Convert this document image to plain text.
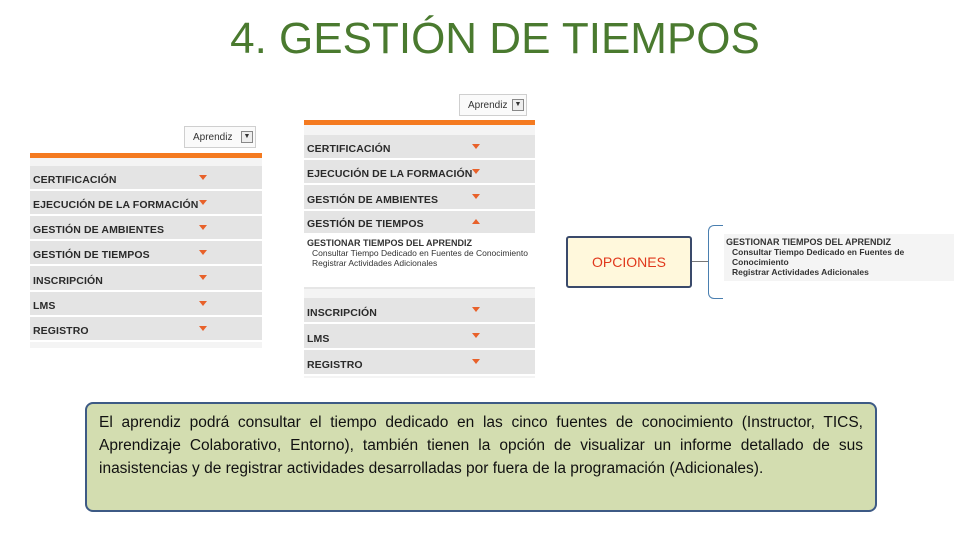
4. GESTIÓN DE TIEMPOS
Aprendiz	▼
CERTIFICACIÓN
EJECUCIÓN DE LA FORMACIÓN
GESTIÓN DE AMBIENTES
GESTIÓN DE TIEMPOS
INSCRIPCIÓN
LMS
REGISTRO
Aprendiz	▼
CERTIFICACIÓN
EJECUCIÓN DE LA FORMACIÓN
GESTIÓN DE AMBIENTES
GESTIÓN DE TIEMPOS
GESTIONAR TIEMPOS DEL APRENDIZ
Consultar Tiempo Dedicado en Fuentes de Conocimiento
Registrar Actividades Adicionales
INSCRIPCIÓN
LMS
REGISTRO
OPCIONES
GESTIONAR TIEMPOS DEL APRENDIZ
Consultar Tiempo Dedicado en Fuentes de Conocimiento
Registrar Actividades Adicionales
El aprendiz podrá consultar el tiempo dedicado en las cinco fuentes de conocimiento (Instructor, TICS, Aprendizaje Colaborativo, Entorno), también tienen la opción de visualizar un informe detallado de sus inasistencias y de registrar actividades desarrolladas por fuera de la programación (Adicionales).
